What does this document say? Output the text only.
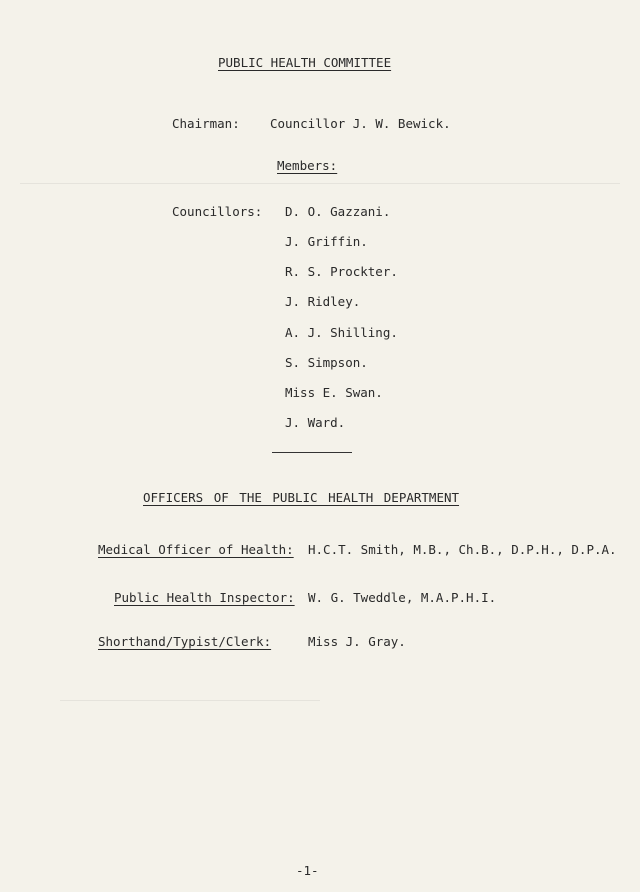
PUBLIC HEALTH COMMITTEE
Chairman: Councillor J. W. Bewick.
Members:
Councillors: D. O. Gazzani.
J. Griffin.
R. S. Prockter.
J. Ridley.
A. J. Shilling.
S. Simpson.
Miss E. Swan.
J. Ward.
OFFICERS OF THE PUBLIC HEALTH DEPARTMENT
Medical Officer of Health: H.C.T. Smith, M.B., Ch.B., D.P.H., D.P.A.
Public Health Inspector: W. G. Tweddle, M.A.P.H.I.
Shorthand/Typist/Clerk:	Miss J. Gray.
-1-
